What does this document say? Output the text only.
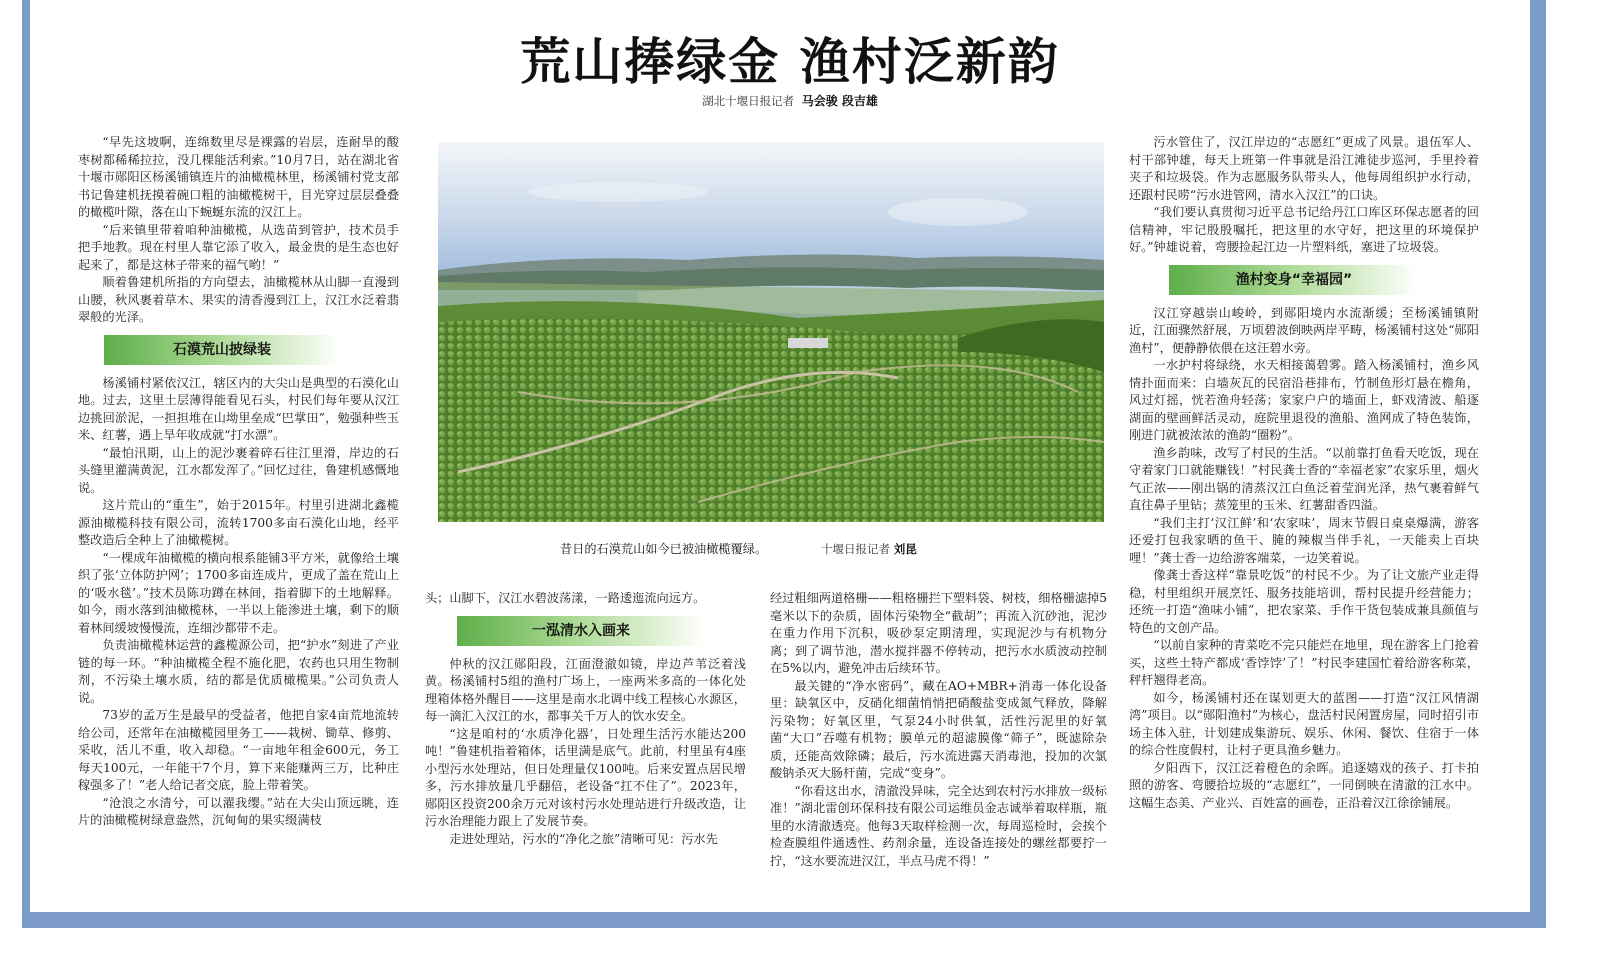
荒山捧绿金 渔村泛新韵
湖北十堰日报记者 马会骏 段吉雄

“早先这坡啊，连绵数里尽是裸露的岩层，连耐旱的酸枣树都稀稀拉拉，没几棵能活利索。”10月7日，站在湖北省十堰市郧阳区杨溪铺镇连片的油橄榄林里，杨溪铺村党支部书记鲁建机抚摸着碗口粗的油橄榄树干，目光穿过层层叠叠的橄榄叶隙，落在山下蜿蜒东流的汉江上。

“后来镇里带着咱种油橄榄，从选苗到管护，技术员手把手地教。现在村里人靠它添了收入，最金贵的是生态也好起来了，都是这林子带来的福气哟！”

顺着鲁建机所指的方向望去，油橄榄林从山脚一直漫到山腰，秋风裹着草木、果实的清香漫到江上，汉江水泛着翡翠般的光泽。

石漠荒山披绿装

杨溪铺村紧依汉江，辖区内的大尖山是典型的石漠化山地。过去，这里土层薄得能看见石头，村民们每年要从汉江边挑回淤泥，一担担堆在山坳里垒成“巴掌田”，勉强种些玉米、红薯，遇上旱年收成就“打水漂”。

“最怕汛期，山上的泥沙裹着碎石往江里滑，岸边的石头缝里灌满黄泥，江水都发浑了。”回忆过往，鲁建机感慨地说。

这片荒山的“重生”，始于2015年。村里引进湖北鑫榄源油橄榄科技有限公司，流转1700多亩石漠化山地，经平整改造后全种上了油橄榄树。

“一棵成年油橄榄的横向根系能铺3平方米，就像给土壤织了张‘立体防护网’；1700多亩连成片，更成了盖在荒山上的‘吸水毯’。”技术员陈功蹲在林间，指着脚下的土地解释。如今，雨水落到油橄榄林，一半以上能渗进土壤，剩下的顺着林间缓坡慢慢流，连细沙都带不走。

负责油橄榄林运营的鑫榄源公司，把“护水”刻进了产业链的每一环。“种油橄榄全程不施化肥，农药也只用生物制剂，不污染土壤水质，结的都是优质橄榄果。”公司负责人说。

73岁的孟万生是最早的受益者，他把自家4亩荒地流转给公司，还常年在油橄榄园里务工——栽树、锄草、修剪、采收，活儿不重，收入却稳。“一亩地年租金600元，务工每天100元，一年能干7个月，算下来能赚两三万，比种庄稼强多了！”老人给记者交底，脸上带着笑。

“沧浪之水清兮，可以濯我缨。”站在大尖山顶远眺，连片的油橄榄树绿意盎然，沉甸甸的果实缀满枝

昔日的石漠荒山如今已被油橄榄覆绿。	十堰日报记者 刘昆

头；山脚下，汉江水碧波荡漾，一路逶迤流向远方。

一泓清水入画来

仲秋的汉江郧阳段，江面澄澈如镜，岸边芦苇泛着浅黄。杨溪铺村5组的渔村广场上，一座两米多高的一体化处理箱体格外醒目——这里是南水北调中线工程核心水源区，每一滴汇入汉江的水，都事关千万人的饮水安全。

“这是咱村的‘水质净化器’，日处理生活污水能达200吨！”鲁建机指着箱体，话里满是底气。此前，村里虽有4座小型污水处理站，但日处理量仅100吨。后来安置点居民增多，污水排放量几乎翻倍，老设备“扛不住了”。2023年，郧阳区投资200余万元对该村污水处理站进行升级改造，让污水治理能力跟上了发展节奏。

走进处理站，污水的“净化之旅”清晰可见：污水先

经过粗细两道格栅——粗格栅拦下塑料袋、树枝，细格栅滤掉5毫米以下的杂质，固体污染物全“截胡”；再流入沉砂池，泥沙在重力作用下沉积，吸砂泵定期清理，实现泥沙与有机物分离；到了调节池，潜水搅拌器不停转动，把污水水质波动控制在5%以内，避免冲击后续环节。

最关键的“净水密码”，藏在AO+MBR+消毒一体化设备里：缺氧区中，反硝化细菌悄悄把硝酸盐变成氮气释放，降解污染物；好氧区里，气泵24小时供氧，活性污泥里的好氧菌“大口”吞噬有机物；膜单元的超滤膜像“筛子”，既滤除杂质，还能高效除磷；最后，污水流进露天消毒池，投加的次氯酸钠杀灭大肠杆菌，完成“变身”。

“你看这出水，清澈没异味，完全达到农村污水排放一级标准！”湖北雷创环保科技有限公司运维员金志诚举着取样瓶，瓶里的水清澈透亮。他每3天取样检测一次，每周巡检时，会挨个检查膜组件通透性、药剂余量，连设备连接处的螺丝都要拧一拧，“这水要流进汉江，半点马虎不得！”

污水管住了，汉江岸边的“志愿红”更成了风景。退伍军人、村干部钟雄，每天上班第一件事就是沿江滩徒步巡河，手里拎着夹子和垃圾袋。作为志愿服务队带头人，他每周组织护水行动，还跟村民唠“污水进管网，清水入汉江”的口诀。

“我们要认真贯彻习近平总书记给丹江口库区环保志愿者的回信精神，牢记殷殷嘱托，把这里的水守好，把这里的环境保护好。”钟雄说着，弯腰捡起江边一片塑料纸，塞进了垃圾袋。

渔村变身“幸福园”

汉江穿越崇山峻岭，到郧阳境内水流渐缓；至杨溪铺镇附近，江面骤然舒展，万顷碧波倒映两岸平畴，杨溪铺村这处“郧阳渔村”，便静静依偎在这汪碧水旁。

一水护村将绿绕，水天相接蔼碧雾。踏入杨溪铺村，渔乡风情扑面而来：白墙灰瓦的民宿沿巷排布，竹制鱼形灯悬在檐角，风过灯摇，恍若渔舟轻荡；家家户户的墙面上，虾戏清波、船逐湖面的壁画鲜活灵动，庭院里退役的渔船、渔网成了特色装饰，刚进门就被浓浓的渔韵“圈粉”。

渔乡韵味，改写了村民的生活。“以前靠打鱼看天吃饭，现在守着家门口就能赚钱！”村民龚士香的“幸福老家”农家乐里，烟火气正浓——刚出锅的清蒸汉江白鱼泛着莹润光泽，热气裹着鲜气直往鼻子里钻；蒸笼里的玉米、红薯甜香四溢。

“我们主打‘汉江鲜’和‘农家味’，周末节假日桌桌爆满，游客还爱打包我家晒的鱼干、腌的辣椒当伴手礼，一天能卖上百块哩！”龚士香一边给游客端菜，一边笑着说。

像龚士香这样“靠景吃饭”的村民不少。为了让文旅产业走得稳，村里组织开展烹饪、服务技能培训，帮村民提升经营能力；还统一打造“渔味小铺”，把农家菜、手作干货包装成兼具颜值与特色的文创产品。

“以前自家种的青菜吃不完只能烂在地里，现在游客上门抢着买，这些土特产都成‘香饽饽’了！”村民李建国忙着给游客称菜，秤杆翘得老高。

如今，杨溪铺村还在谋划更大的蓝图——打造“汉江风情湖湾”项目。以“郧阳渔村”为核心，盘活村民闲置房屋，同时招引市场主体入驻，计划建成集游玩、娱乐、休闲、餐饮、住宿于一体的综合性度假村，让村子更具渔乡魅力。

夕阳西下，汉江泛着橙色的余晖。追逐嬉戏的孩子、打卡拍照的游客、弯腰拾垃圾的“志愿红”，一同倒映在清澈的江水中。这幅生态美、产业兴、百姓富的画卷，正沿着汉江徐徐铺展。
